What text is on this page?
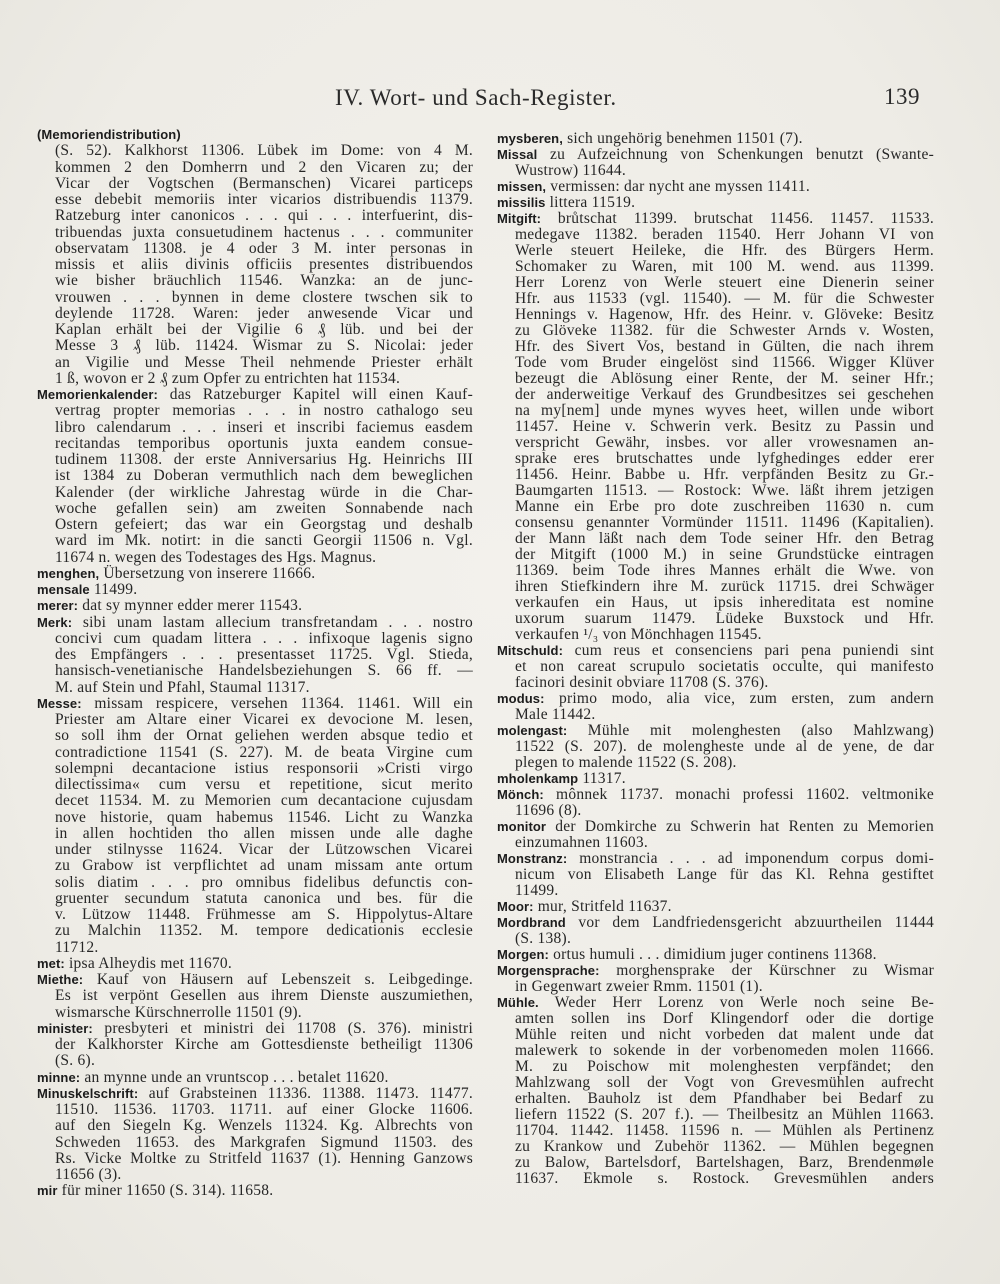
IV. Wort- und Sach-Register.	139
(Memoriendistribution)
(S. 52). Kalkhorst 11306. Lübek im Dome: von 4 M.
kommen 2 den Domherrn und 2 den Vicaren zu; der
Vicar der Vogtschen (Bermanschen) Vicarei particeps
esse debebit memoriis inter vicarios distribuendis 11379.
Ratzeburg inter canonicos . . . qui . . . interfuerint, dis-
tribuendas juxta consuetudinem hactenus . . . communiter
observatam 11308. je 4 oder 3 M. inter personas in
missis et aliis divinis officiis presentes distribuendos
wie bisher bräuchlich 11546. Wanzka: an de junc-
vrouwen . . . bynnen in deme clostere twschen sik to
deylende 11728. Waren: jeder anwesende Vicar und
Kaplan erhält bei der Vigilie 6 ₰ lüb. und bei der
Messe 3 ₰ lüb. 11424. Wismar zu S. Nicolai: jeder
an Vigilie und Messe Theil nehmende Priester erhält
1 ß, wovon er 2 ₰ zum Opfer zu entrichten hat 11534.
Memorienkalender: das Ratzeburger Kapitel will einen Kauf-
vertrag propter memorias . . . in nostro cathalogo seu
libro calendarum . . . inseri et inscribi faciemus easdem
recitandas temporibus oportunis juxta eandem consue-
tudinem 11308. der erste Anniversarius Hg. Heinrichs III
ist 1384 zu Doberan vermuthlich nach dem beweglichen
Kalender (der wirkliche Jahrestag würde in die Char-
woche gefallen sein) am zweiten Sonnabende nach
Ostern gefeiert; das war ein Georgstag und deshalb
ward im Mk. notirt: in die sancti Georgii 11506 n. Vgl.
11674 n. wegen des Todestages des Hgs. Magnus.
menghen, Übersetzung von inserere 11666.
mensale 11499.
merer: dat sy mynner edder merer 11543.
Merk: sibi unam lastam allecium transfretandam . . . nostro
concivi cum quadam littera . . . infixoque lagenis signo
des Empfängers . . . presentasset 11725. Vgl. Stieda,
hansisch-venetianische Handelsbeziehungen S. 66 ff. —
M. auf Stein und Pfahl, Staumal 11317.
Messe: missam respicere, versehen 11364. 11461. Will ein
Priester am Altare einer Vicarei ex devocione M. lesen,
so soll ihm der Ornat geliehen werden absque tedio et
contradictione 11541 (S. 227). M. de beata Virgine cum
solempni decantacione istius responsorii »Cristi virgo
dilectissima« cum versu et repetitione, sicut merito
decet 11534. M. zu Memorien cum decantacione cujusdam
nove historie, quam habemus 11546. Licht zu Wanzka
in allen hochtiden tho allen missen unde alle daghe
under stilnysse 11624. Vicar der Lützowschen Vicarei
zu Grabow ist verpflichtet ad unam missam ante ortum
solis diatim . . . pro omnibus fidelibus defunctis con-
gruenter secundum statuta canonica und bes. für die
v. Lützow 11448. Frühmesse am S. Hippolytus-Altare
zu Malchin 11352. M. tempore dedicationis ecclesie
11712.
met: ipsa Alheydis met 11670.
Miethe: Kauf von Häusern auf Lebenszeit s. Leibgedinge.
Es ist verpönt Gesellen aus ihrem Dienste auszumiethen,
wismarsche Kürschnerrolle 11501 (9).
minister: presbyteri et ministri dei 11708 (S. 376). ministri
der Kalkhorster Kirche am Gottesdienste betheiligt 11306
(S. 6).
minne: an mynne unde an vruntscop . . . betalet 11620.
Minuskelschrift: auf Grabsteinen 11336. 11388. 11473. 11477.
11510. 11536. 11703. 11711. auf einer Glocke 11606.
auf den Siegeln Kg. Wenzels 11324. Kg. Albrechts von
Schweden 11653. des Markgrafen Sigmund 11503. des
Rs. Vicke Moltke zu Stritfeld 11637 (1). Henning Ganzows
11656 (3).
mir für miner 11650 (S. 314). 11658.
mysberen, sich ungehörig benehmen 11501 (7).
Missal zu Aufzeichnung von Schenkungen benutzt (Swante-
Wustrow) 11644.
missen, vermissen: dar nycht ane myssen 11411.
missilis littera 11519.
Mitgift: brůtschat 11399. brutschat 11456. 11457. 11533.
medegave 11382. beraden 11540. Herr Johann VI von
Werle steuert Heileke, die Hfr. des Bürgers Herm.
Schomaker zu Waren, mit 100 M. wend. aus 11399.
Herr Lorenz von Werle steuert eine Dienerin seiner
Hfr. aus 11533 (vgl. 11540). — M. für die Schwester
Hennings v. Hagenow, Hfr. des Heinr. v. Glöveke: Besitz
zu Glöveke 11382. für die Schwester Arnds v. Wosten,
Hfr. des Sivert Vos, bestand in Gülten, die nach ihrem
Tode vom Bruder eingelöst sind 11566. Wigger Klüver
bezeugt die Ablösung einer Rente, der M. seiner Hfr.;
der anderweitige Verkauf des Grundbesitzes sei geschehen
na my[nem] unde mynes wyves heet, willen unde wibort
11457. Heine v. Schwerin verk. Besitz zu Passin und
verspricht Gewähr, insbes. vor aller vrowesnamen an-
sprake eres brutschattes unde lyfghedinges edder erer
11456. Heinr. Babbe u. Hfr. verpfänden Besitz zu Gr.-
Baumgarten 11513. — Rostock: Wwe. läßt ihrem jetzigen
Manne ein Erbe pro dote zuschreiben 11630 n. cum
consensu genannter Vormünder 11511. 11496 (Kapitalien).
der Mann läßt nach dem Tode seiner Hfr. den Betrag
der Mitgift (1000 M.) in seine Grundstücke eintragen
11369. beim Tode ihres Mannes erhält die Wwe. von
ihren Stiefkindern ihre M. zurück 11715. drei Schwäger
verkaufen ein Haus, ut ipsis inhereditata est nomine
uxorum suarum 11479. Lüdeke Buxstock und Hfr.
verkaufen ¹/₃ von Mönchhagen 11545.
Mitschuld: cum reus et consenciens pari pena puniendi sint
et non careat scrupulo societatis occulte, qui manifesto
facinori desinit obviare 11708 (S. 376).
modus: primo modo, alia vice, zum ersten, zum andern
Male 11442.
molengast: Mühle mit molenghesten (also Mahlzwang)
11522 (S. 207). de molengheste unde al de yene, de dar
plegen to malende 11522 (S. 208).
mholenkamp 11317.
Mönch: mônnek 11737. monachi professi 11602. veltmonike
11696 (8).
monitor der Domkirche zu Schwerin hat Renten zu Memorien
einzumahnen 11603.
Monstranz: monstrancia . . . ad imponendum corpus domi-
nicum von Elisabeth Lange für das Kl. Rehna gestiftet
11499.
Moor: mur, Stritfeld 11637.
Mordbrand vor dem Landfriedensgericht abzuurtheilen 11444
(S. 138).
Morgen: ortus humuli . . . dimidium juger continens 11368.
Morgensprache: morghensprake der Kürschner zu Wismar
in Gegenwart zweier Rmm. 11501 (1).
Mühle. Weder Herr Lorenz von Werle noch seine Be-
amten sollen ins Dorf Klingendorf oder die dortige
Mühle reiten und nicht vorbeden dat malent unde dat
malewerk to sokende in der vorbenomeden molen 11666.
M. zu Poischow mit molenghesten verpfändet; den
Mahlzwang soll der Vogt von Grevesmühlen aufrecht
erhalten. Bauholz ist dem Pfandhaber bei Bedarf zu
liefern 11522 (S. 207 f.). — Theilbesitz an Mühlen 11663.
11704. 11442. 11458. 11596 n. — Mühlen als Pertinenz
zu Krankow und Zubehör 11362. — Mühlen begegnen
zu Balow, Bartelsdorf, Bartelshagen, Barz, Brendenmøle
11637. Ekmole s. Rostock. Grevesmühlen anders
